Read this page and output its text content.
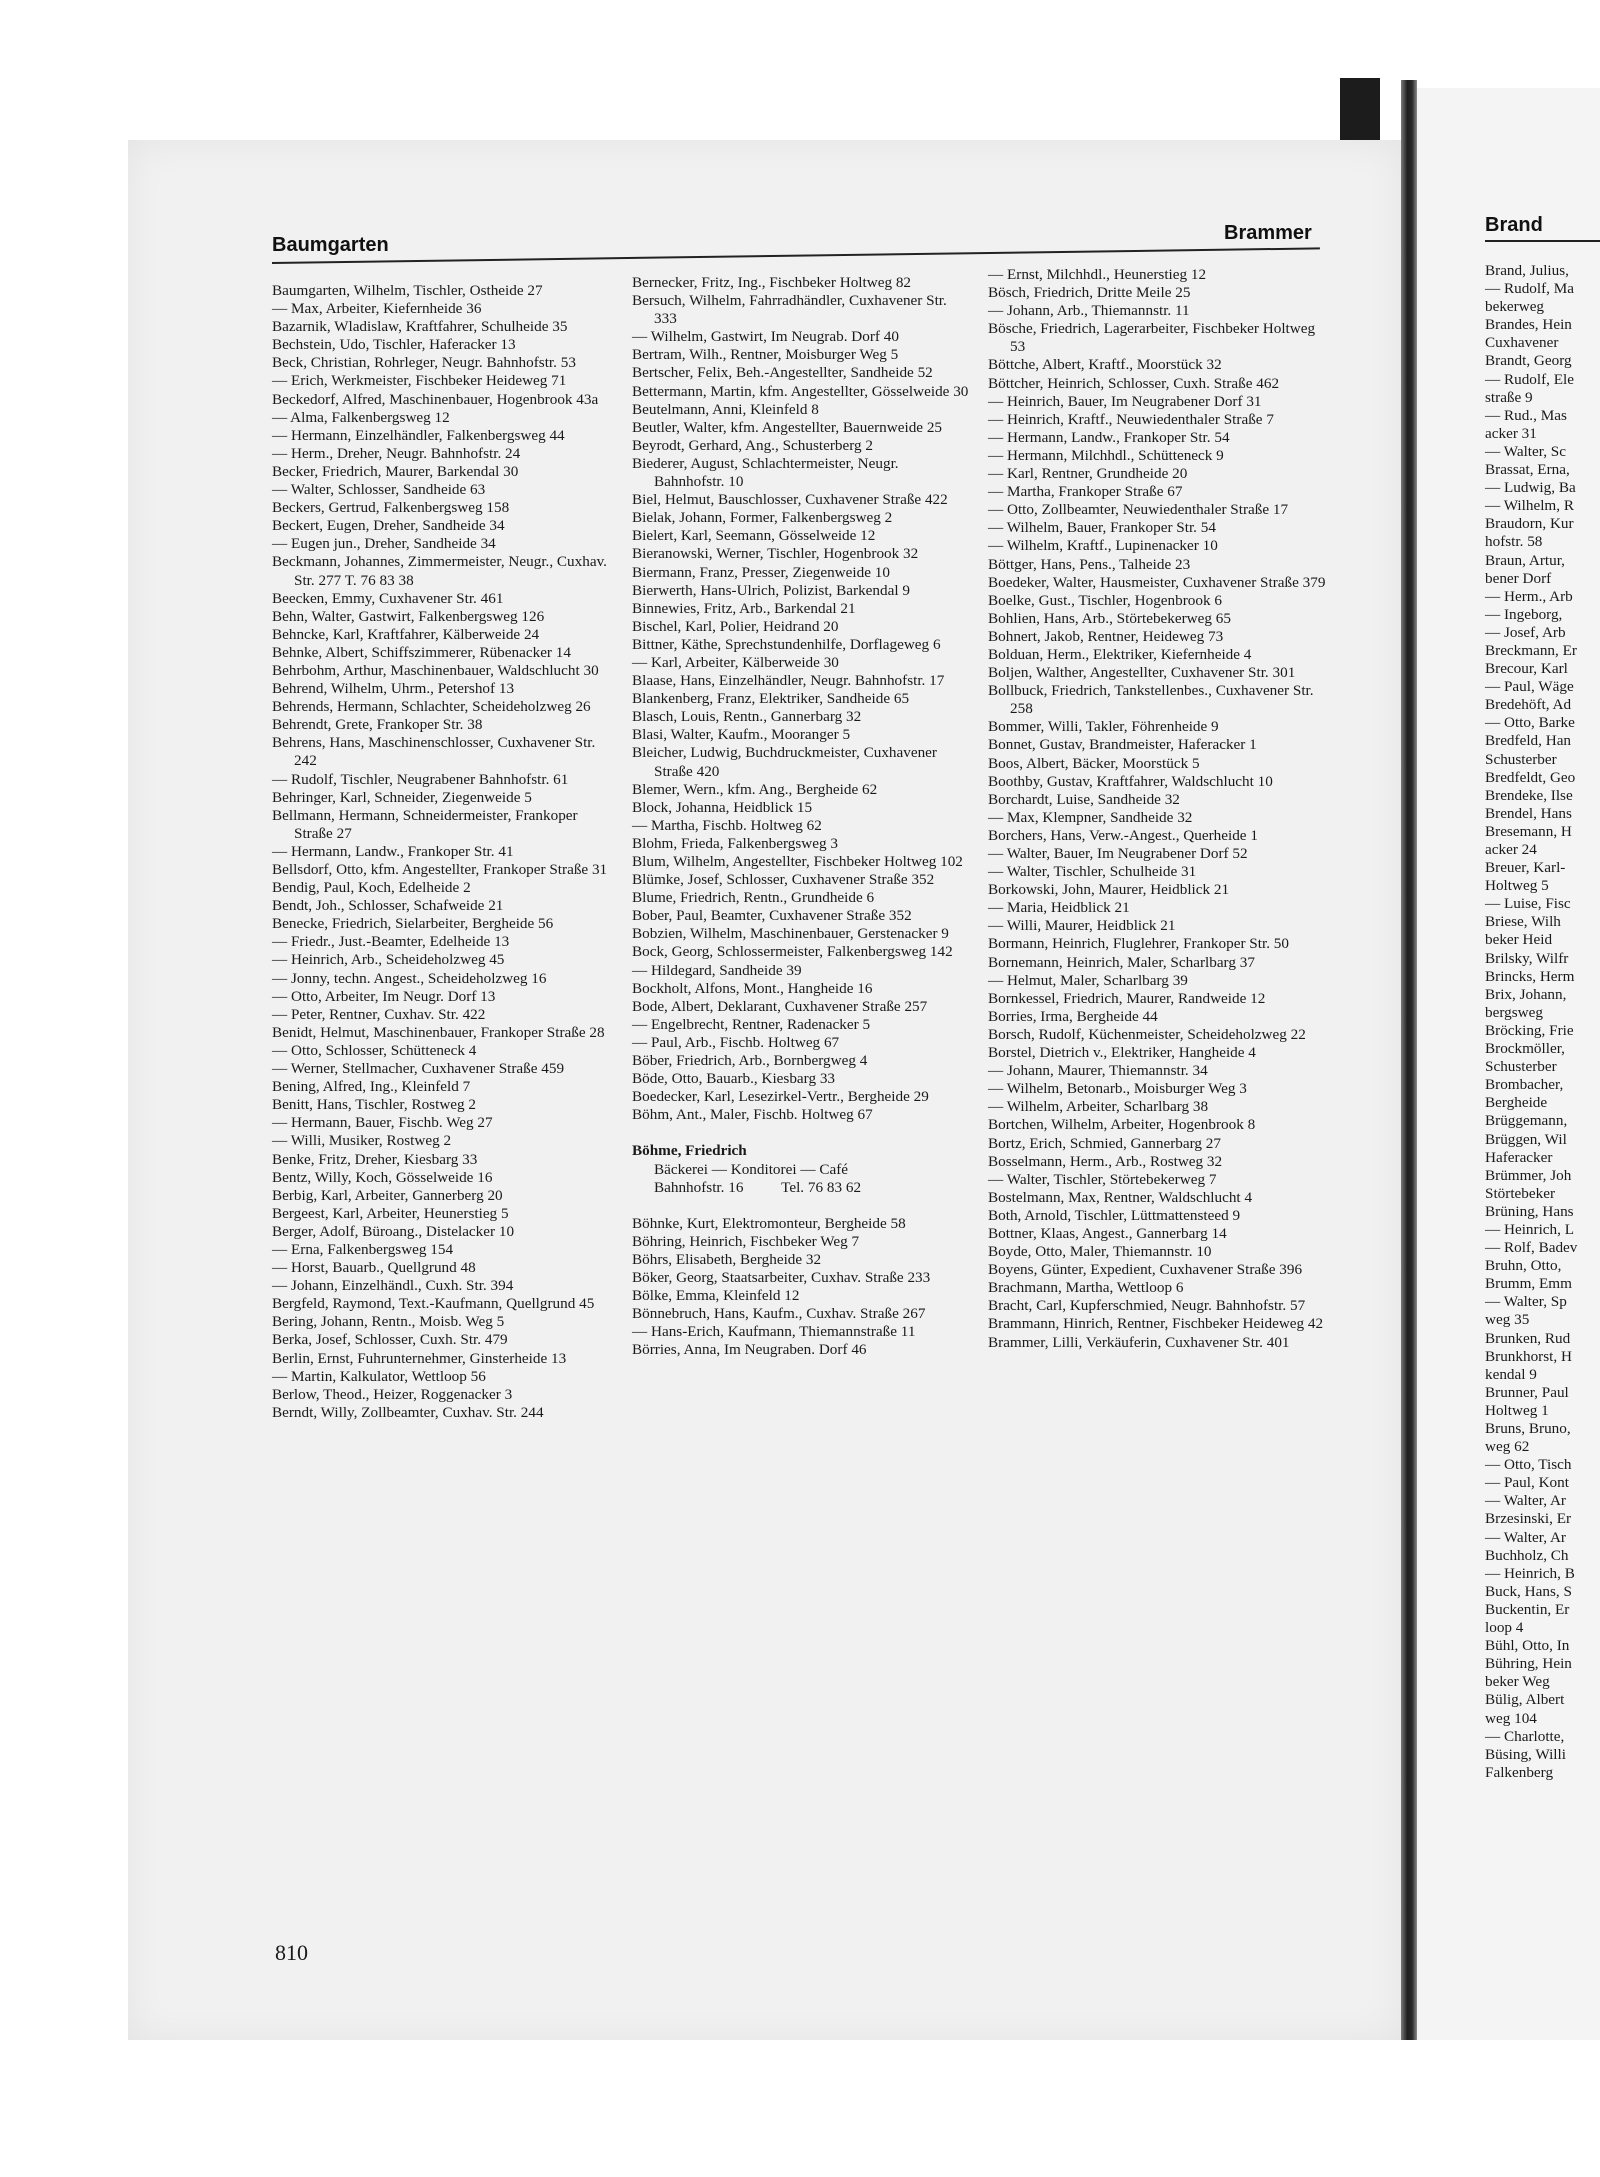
Baumgarten
Brammer	Brand

Baumgarten, Wilhelm, Tischler, Ostheide 27

— Max, Arbeiter, Kiefernheide 36

Bazarnik, Wladislaw, Kraftfahrer, Schulheide 35

Bechstein, Udo, Tischler, Haferacker 13

Beck, Christian, Rohrleger, Neugr. Bahnhofstr. 53

— Erich, Werkmeister, Fischbeker Heideweg 71

Beckedorf, Alfred, Maschinenbauer, Hogenbrook 43a

— Alma, Falkenbergsweg 12

— Hermann, Einzelhändler, Falkenbergsweg 44

— Herm., Dreher, Neugr. Bahnhofstr. 24

Becker, Friedrich, Maurer, Barkendal 30

— Walter, Schlosser, Sandheide 63

Beckers, Gertrud, Falkenbergsweg 158

Beckert, Eugen, Dreher, Sandheide 34

— Eugen jun., Dreher, Sandheide 34

Beckmann, Johannes, Zimmermeister, Neugr., Cuxhav. Str. 277 T. 76 83 38

Beecken, Emmy, Cuxhavener Str. 461

Behn, Walter, Gastwirt, Falkenbergsweg 126

Behncke, Karl, Kraftfahrer, Kälberweide 24

Behnke, Albert, Schiffszimmerer, Rübenacker 14

Behrbohm, Arthur, Maschinenbauer, Waldschlucht 30

Behrend, Wilhelm, Uhrm., Petershof 13

Behrends, Hermann, Schlachter, Scheideholzweg 26

Behrendt, Grete, Frankoper Str. 38

Behrens, Hans, Maschinenschlosser, Cuxhavener Str. 242

— Rudolf, Tischler, Neugrabener Bahnhofstr. 61

Behringer, Karl, Schneider, Ziegenweide 5

Bellmann, Hermann, Schneidermeister, Frankoper Straße 27

— Hermann, Landw., Frankoper Str. 41

Bellsdorf, Otto, kfm. Angestellter, Frankoper Straße 31

Bendig, Paul, Koch, Edelheide 2

Bendt, Joh., Schlosser, Schafweide 21

Benecke, Friedrich, Sielarbeiter, Bergheide 56

— Friedr., Just.-Beamter, Edelheide 13

— Heinrich, Arb., Scheideholzweg 45

— Jonny, techn. Angest., Scheideholzweg 16

— Otto, Arbeiter, Im Neugr. Dorf 13

— Peter, Rentner, Cuxhav. Str. 422

Benidt, Helmut, Maschinenbauer, Frankoper Straße 28

— Otto, Schlosser, Schütteneck 4

— Werner, Stellmacher, Cuxhavener Straße 459

Bening, Alfred, Ing., Kleinfeld 7

Benitt, Hans, Tischler, Rostweg 2

— Hermann, Bauer, Fischb. Weg 27

— Willi, Musiker, Rostweg 2

Benke, Fritz, Dreher, Kiesbarg 33

Bentz, Willy, Koch, Gösselweide 16

Berbig, Karl, Arbeiter, Gannerberg 20

Bergeest, Karl, Arbeiter, Heunerstieg 5

Berger, Adolf, Büroang., Distelacker 10

— Erna, Falkenbergsweg 154

— Horst, Bauarb., Quellgrund 48

— Johann, Einzelhändl., Cuxh. Str. 394

Bergfeld, Raymond, Text.-Kaufmann, Quellgrund 45

Bering, Johann, Rentn., Moisb. Weg 5

Berka, Josef, Schlosser, Cuxh. Str. 479

Berlin, Ernst, Fuhrunternehmer, Ginsterheide 13

— Martin, Kalkulator, Wettloop 56

Berlow, Theod., Heizer, Roggenacker 3

Berndt, Willy, Zollbeamter, Cuxhav. Str. 244

Bernecker, Fritz, Ing., Fischbeker Holtweg 82

Bersuch, Wilhelm, Fahrradhändler, Cuxhavener Str. 333

— Wilhelm, Gastwirt, Im Neugrab. Dorf 40

Bertram, Wilh., Rentner, Moisburger Weg 5

Bertscher, Felix, Beh.-Angestellter, Sandheide 52

Bettermann, Martin, kfm. Angestellter, Gösselweide 30

Beutelmann, Anni, Kleinfeld 8

Beutler, Walter, kfm. Angestellter, Bauernweide 25

Beyrodt, Gerhard, Ang., Schusterberg 2

Biederer, August, Schlachtermeister, Neugr. Bahnhofstr. 10

Biel, Helmut, Bauschlosser, Cuxhavener Straße 422

Bielak, Johann, Former, Falkenbergsweg 2

Bielert, Karl, Seemann, Gösselweide 12

Bieranowski, Werner, Tischler, Hogenbrook 32

Biermann, Franz, Presser, Ziegenweide 10

Bierwerth, Hans-Ulrich, Polizist, Barkendal 9

Binnewies, Fritz, Arb., Barkendal 21

Bischel, Karl, Polier, Heidrand 20

Bittner, Käthe, Sprechstundenhilfe, Dorflageweg 6

— Karl, Arbeiter, Kälberweide 30

Blaase, Hans, Einzelhändler, Neugr. Bahnhofstr. 17

Blankenberg, Franz, Elektriker, Sandheide 65

Blasch, Louis, Rentn., Gannerbarg 32

Blasi, Walter, Kaufm., Mooranger 5

Bleicher, Ludwig, Buchdruckmeister, Cuxhavener Straße 420

Blemer, Wern., kfm. Ang., Bergheide 62

Block, Johanna, Heidblick 15

— Martha, Fischb. Holtweg 62

Blohm, Frieda, Falkenbergsweg 3

Blum, Wilhelm, Angestellter, Fischbeker Holtweg 102

Blümke, Josef, Schlosser, Cuxhavener Straße 352

Blume, Friedrich, Rentn., Grundheide 6

Bober, Paul, Beamter, Cuxhavener Straße 352

Bobzien, Wilhelm, Maschinenbauer, Gerstenacker 9

Bock, Georg, Schlossermeister, Falkenbergsweg 142

— Hildegard, Sandheide 39

Bockholt, Alfons, Mont., Hangheide 16

Bode, Albert, Deklarant, Cuxhavener Straße 257

— Engelbrecht, Rentner, Radenacker 5

— Paul, Arb., Fischb. Holtweg 67

Böber, Friedrich, Arb., Bornbergweg 4

Böde, Otto, Bauarb., Kiesbarg 33

Boedecker, Karl, Lesezirkel-Vertr., Bergheide 29

Böhm, Ant., Maler, Fischb. Holtweg 67

Böhme, Friedrich

Bäckerei — Konditorei — Café

Bahnhofstr. 16          Tel. 76 83 62

Böhnke, Kurt, Elektromonteur, Bergheide 58

Böhring, Heinrich, Fischbeker Weg 7

Böhrs, Elisabeth, Bergheide 32

Böker, Georg, Staatsarbeiter, Cuxhav. Straße 233

Bölke, Emma, Kleinfeld 12

Bönnebruch, Hans, Kaufm., Cuxhav. Straße 267

— Hans-Erich, Kaufmann, Thiemannstraße 11

Börries, Anna, Im Neugraben. Dorf 46

— Ernst, Milchhdl., Heunerstieg 12

Bösch, Friedrich, Dritte Meile 25

— Johann, Arb., Thiemannstr. 11

Bösche, Friedrich, Lagerarbeiter, Fischbeker Holtweg 53

Böttche, Albert, Kraftf., Moorstück 32

Böttcher, Heinrich, Schlosser, Cuxh. Straße 462

— Heinrich, Bauer, Im Neugrabener Dorf 31

— Heinrich, Kraftf., Neuwiedenthaler Straße 7

— Hermann, Landw., Frankoper Str. 54

— Hermann, Milchhdl., Schütteneck 9

— Karl, Rentner, Grundheide 20

— Martha, Frankoper Straße 67

— Otto, Zollbeamter, Neuwiedenthaler Straße 17

— Wilhelm, Bauer, Frankoper Str. 54

— Wilhelm, Kraftf., Lupinenacker 10

Böttger, Hans, Pens., Talheide 23

Boedeker, Walter, Hausmeister, Cuxhavener Straße 379

Boelke, Gust., Tischler, Hogenbrook 6

Bohlien, Hans, Arb., Störtebekerweg 65

Bohnert, Jakob, Rentner, Heideweg 73

Bolduan, Herm., Elektriker, Kiefernheide 4

Boljen, Walther, Angestellter, Cuxhavener Str. 301

Bollbuck, Friedrich, Tankstellenbes., Cuxhavener Str. 258

Bommer, Willi, Takler, Föhrenheide 9

Bonnet, Gustav, Brandmeister, Haferacker 1

Boos, Albert, Bäcker, Moorstück 5

Boothby, Gustav, Kraftfahrer, Waldschlucht 10

Borchardt, Luise, Sandheide 32

— Max, Klempner, Sandheide 32

Borchers, Hans, Verw.-Angest., Querheide 1

— Walter, Bauer, Im Neugrabener Dorf 52

— Walter, Tischler, Schulheide 31

Borkowski, John, Maurer, Heidblick 21

— Maria, Heidblick 21

— Willi, Maurer, Heidblick 21

Bormann, Heinrich, Fluglehrer, Frankoper Str. 50

Bornemann, Heinrich, Maler, Scharlbarg 37

— Helmut, Maler, Scharlbarg 39

Bornkessel, Friedrich, Maurer, Randweide 12

Borries, Irma, Bergheide 44

Borsch, Rudolf, Küchenmeister, Scheideholzweg 22

Borstel, Dietrich v., Elektriker, Hangheide 4

— Johann, Maurer, Thiemannstr. 34

— Wilhelm, Betonarb., Moisburger Weg 3

— Wilhelm, Arbeiter, Scharlbarg 38

Bortchen, Wilhelm, Arbeiter, Hogenbrook 8

Bortz, Erich, Schmied, Gannerbarg 27

Bosselmann, Herm., Arb., Rostweg 32

— Walter, Tischler, Störtebekerweg 7

Bostelmann, Max, Rentner, Waldschlucht 4

Both, Arnold, Tischler, Lüttmattensteed 9

Bottner, Klaas, Angest., Gannerbarg 14

Boyde, Otto, Maler, Thiemannstr. 10

Boyens, Günter, Expedient, Cuxhavener Straße 396

Brachmann, Martha, Wettloop 6

Bracht, Carl, Kupferschmied, Neugr. Bahnhofstr. 57

Brammann, Hinrich, Rentner, Fischbeker Heideweg 42

Brammer, Lilli, Verkäuferin, Cuxhavener Str. 401

Brand, Julius,

— Rudolf, Ma

bekerweg

Brandes, Hein

Cuxhavener

Brandt, Georg

— Rudolf, Ele

straße 9

— Rud., Mas

acker 31

— Walter, Sc

Brassat, Erna,

— Ludwig, Ba

— Wilhelm, R

Braudorn, Kur

hofstr. 58

Braun, Artur,

bener Dorf

— Herm., Arb

— Ingeborg,

— Josef, Arb

Breckmann, Er

Brecour, Karl

— Paul, Wäge

Bredehöft, Ad

— Otto, Barke

Bredfeld, Han

Schusterber

Bredfeldt, Geo

Brendeke, Ilse

Brendel, Hans

Bresemann, H

acker 24

Breuer, Karl-

Holtweg 5

— Luise, Fisc

Briese, Wilh

beker Heid

Brilsky, Wilfr

Brincks, Herm

Brix, Johann,

bergsweg

Bröcking, Frie

Brockmöller,

Schusterber

Brombacher,

Bergheide

Brüggemann,

Brüggen, Wil

Haferacker

Brümmer, Joh

Störtebeker

Brüning, Hans

— Heinrich, L

— Rolf, Badev

Bruhn, Otto,

Brumm, Emm

— Walter, Sp

weg 35

Brunken, Rud

Brunkhorst, H

kendal 9

Brunner, Paul

Holtweg 1

Bruns, Bruno,

weg 62

— Otto, Tisch

— Paul, Kont

— Walter, Ar

Brzesinski, Er

— Walter, Ar

Buchholz, Ch

— Heinrich, B

Buck, Hans, S

Buckentin, Er

loop 4

Bühl, Otto, In

Bühring, Hein

beker Weg

Bülig, Albert

weg 104

— Charlotte,

Büsing, Willi

Falkenberg

810
